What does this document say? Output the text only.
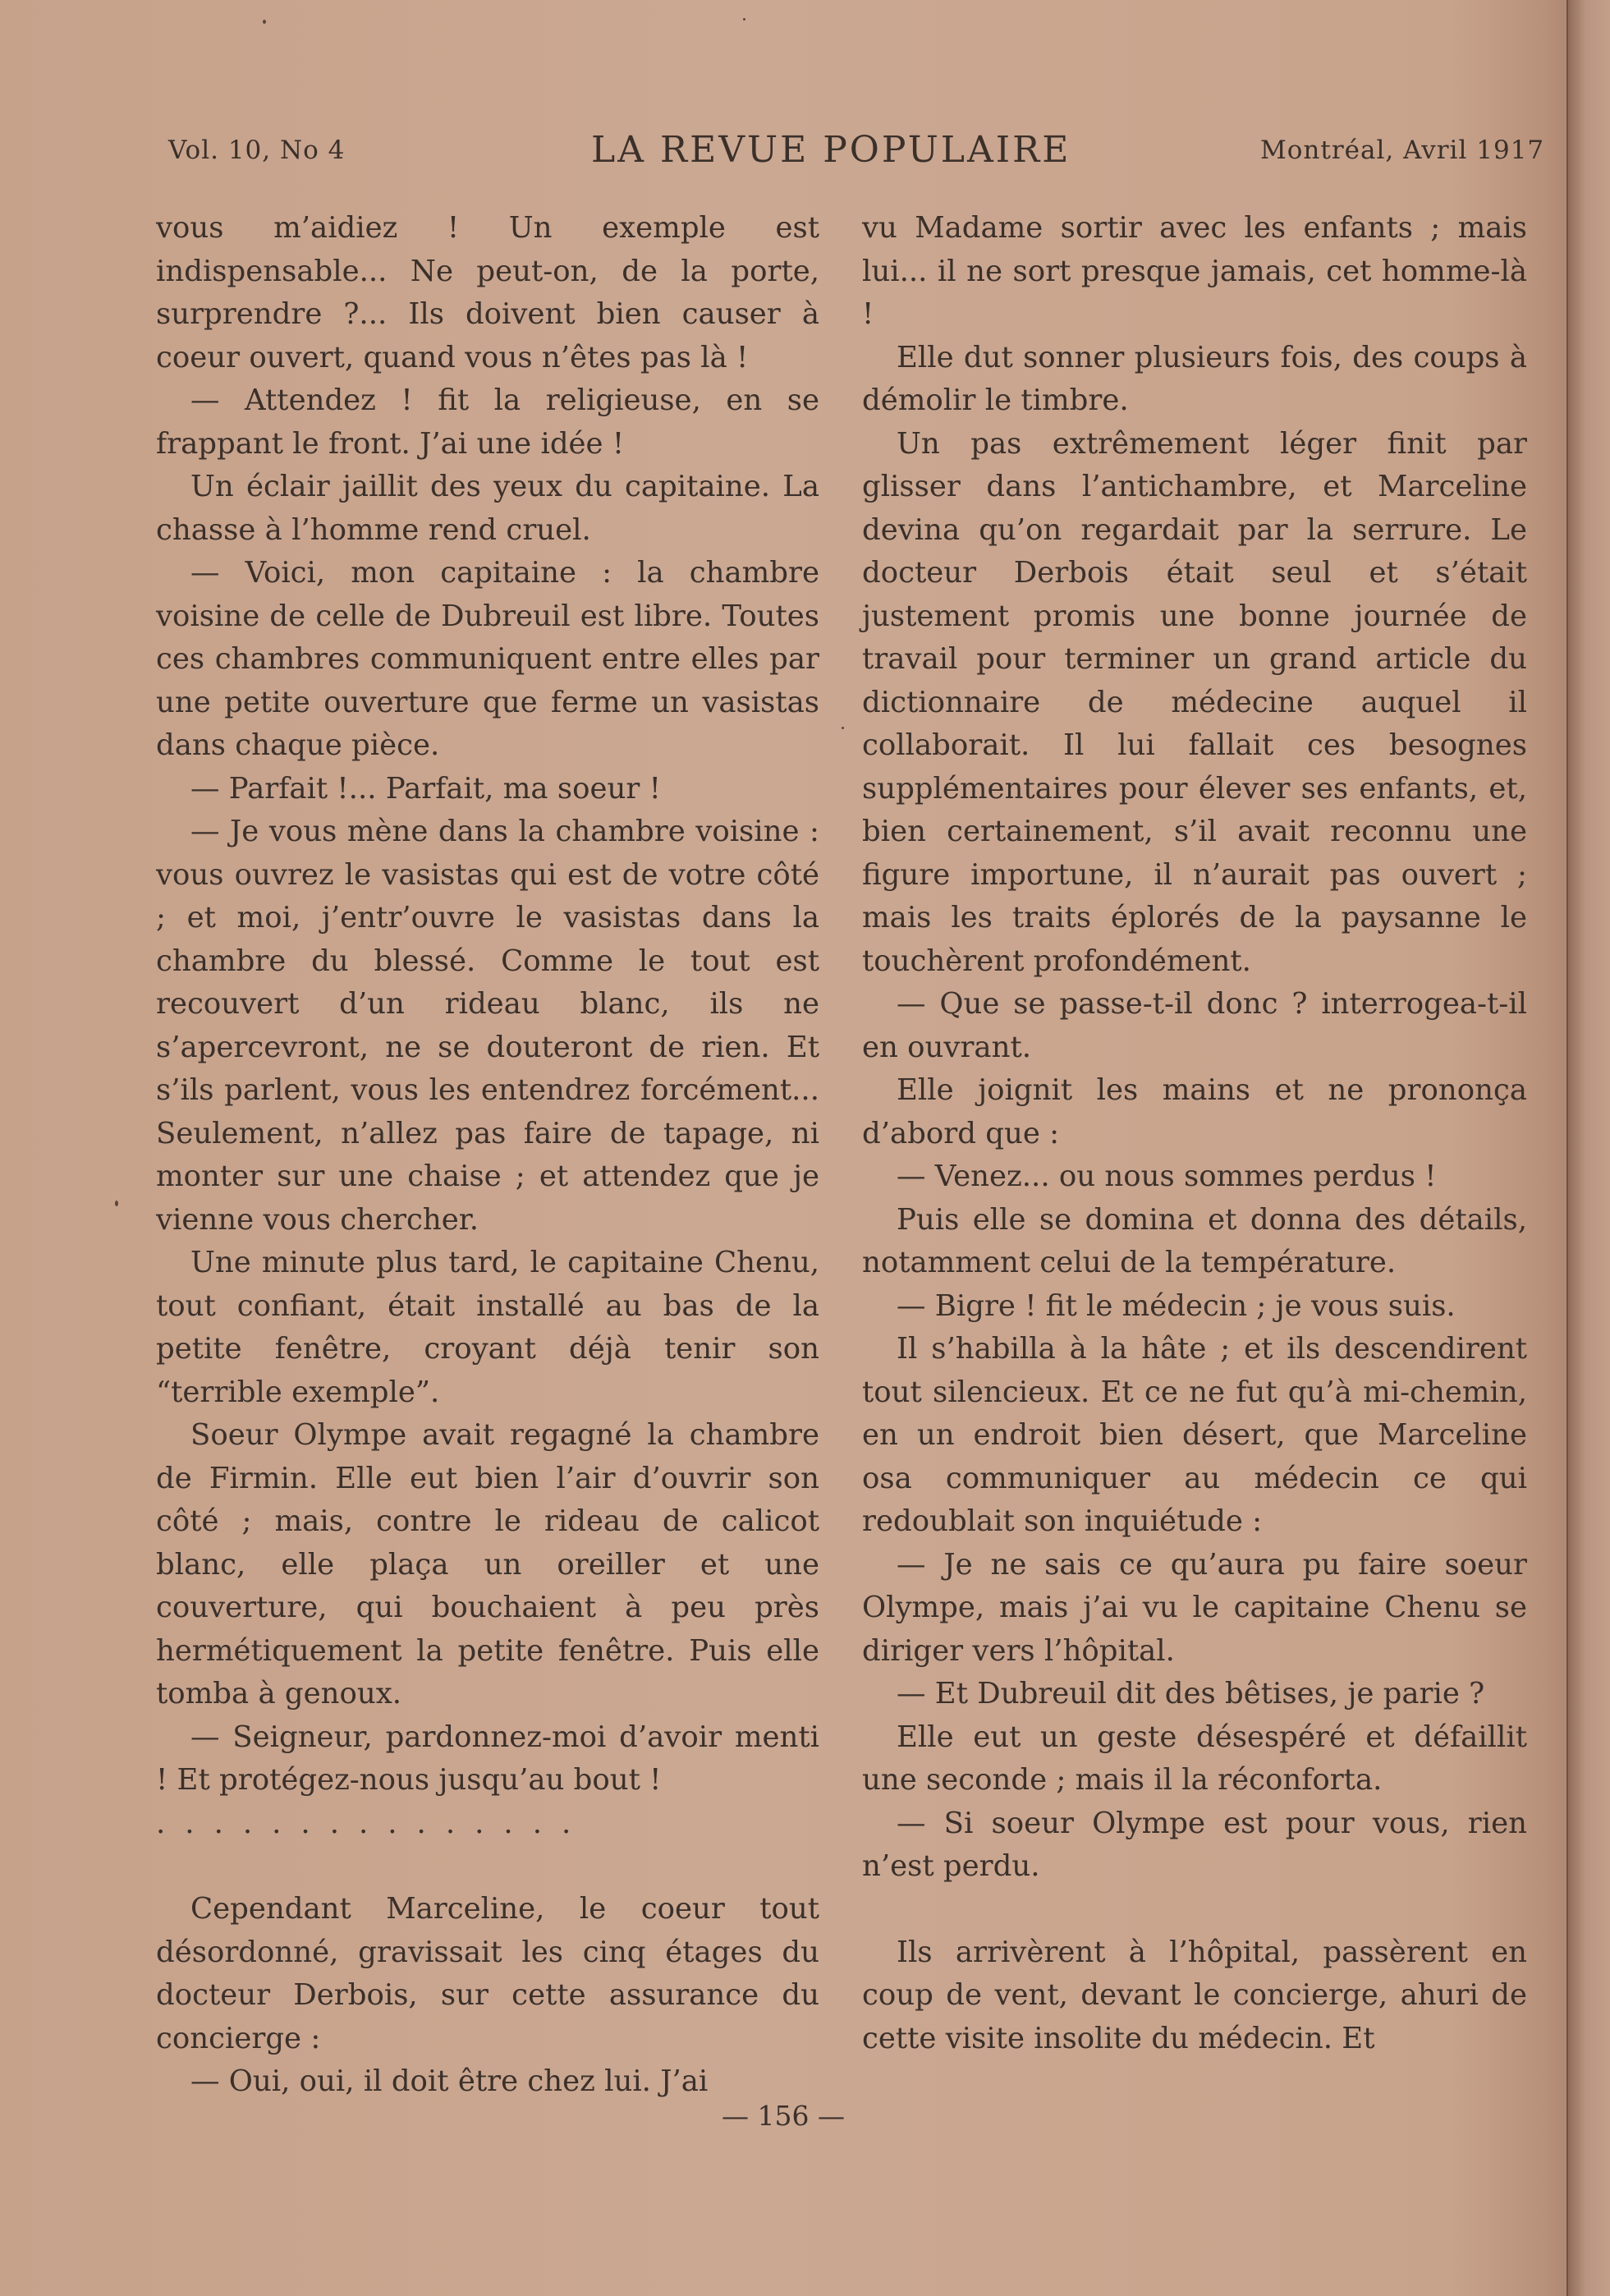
Vol. 10, No 4	LA REVUE POPULAIRE	Montréal, Avril 1917

vous m’aidiez ! Un exemple est indispensable... Ne peut-on, de la porte, surprendre ?... Ils doivent bien causer à coeur ouvert, quand vous n’êtes pas là !

— Attendez ! fit la religieuse, en se frappant le front. J’ai une idée !

Un éclair jaillit des yeux du capitaine. La chasse à l’homme rend cruel.

— Voici, mon capitaine : la chambre voisine de celle de Dubreuil est libre. Toutes ces chambres communiquent entre elles par une petite ouverture que ferme un vasistas dans chaque pièce.

— Parfait !... Parfait, ma soeur !

— Je vous mène dans la chambre voisine : vous ouvrez le vasistas qui est de votre côté ; et moi, j’entr’ouvre le vasistas dans la chambre du blessé. Comme le tout est recouvert d’un rideau blanc, ils ne s’apercevront, ne se douteront de rien. Et s’ils parlent, vous les entendrez forcément... Seulement, n’allez pas faire de tapage, ni monter sur une chaise ; et attendez que je vienne vous chercher.

Une minute plus tard, le capitaine Chenu, tout confiant, était installé au bas de la petite fenêtre, croyant déjà tenir son “terrible exemple”.

Soeur Olympe avait regagné la chambre de Firmin. Elle eut bien l’air d’ouvrir son côté ; mais, contre le rideau de calicot blanc, elle plaça un oreiller et une couverture, qui bouchaient à peu près hermétiquement la petite fenêtre. Puis elle tomba à genoux.

— Seigneur, pardonnez-moi d’avoir menti ! Et protégez-nous jusqu’au bout !

...............

Cependant Marceline, le coeur tout désordonné, gravissait les cinq étages du docteur Derbois, sur cette assurance du concierge :

— Oui, oui, il doit être chez lui. J’ai

vu Madame sortir avec les enfants ; mais lui... il ne sort presque jamais, cet homme-là !

Elle dut sonner plusieurs fois, des coups à démolir le timbre.

Un pas extrêmement léger finit par glisser dans l’antichambre, et Marceline devina qu’on regardait par la serrure. Le docteur Derbois était seul et s’était justement promis une bonne journée de travail pour terminer un grand article du dictionnaire de médecine auquel il collaborait. Il lui fallait ces besognes supplémentaires pour élever ses enfants, et, bien certainement, s’il avait reconnu une figure importune, il n’aurait pas ouvert ; mais les traits éplorés de la paysanne le touchèrent profondément.

— Que se passe-t-il donc ? interrogea-t-il en ouvrant.

Elle joignit les mains et ne prononça d’abord que :

— Venez... ou nous sommes perdus !

Puis elle se domina et donna des détails, notamment celui de la température.

— Bigre ! fit le médecin ; je vous suis.

Il s’habilla à la hâte ; et ils descendirent tout silencieux. Et ce ne fut qu’à mi-chemin, en un endroit bien désert, que Marceline osa communiquer au médecin ce qui redoublait son inquiétude :

— Je ne sais ce qu’aura pu faire soeur Olympe, mais j’ai vu le capitaine Chenu se diriger vers l’hôpital.

— Et Dubreuil dit des bêtises, je parie ?

Elle eut un geste désespéré et défaillit une seconde ; mais il la réconforta.

— Si soeur Olympe est pour vous, rien n’est perdu.

Ils arrivèrent à l’hôpital, passèrent en coup de vent, devant le concierge, ahuri de cette visite insolite du médecin. Et

— 156 —
